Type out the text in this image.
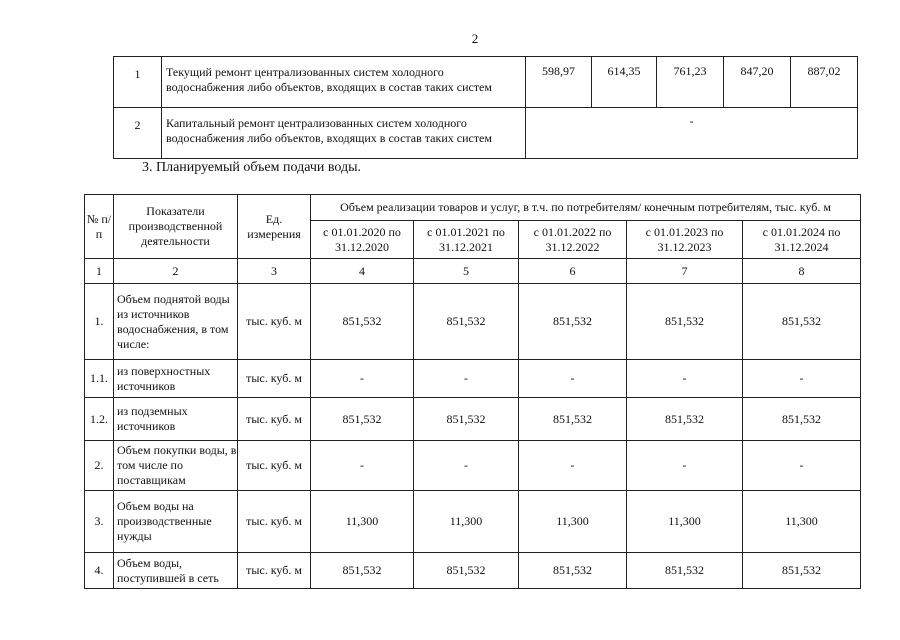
2
1	Текущий ремонт централизованных систем холодного водоснабжения либо объектов, входящих в состав таких систем	598,97	614,35	761,23	847,20	887,02
2	Капитальный ремонт централизованных систем холодного водоснабжения либо объектов, входящих в состав таких систем	-				
3. Планируемый объем подачи воды.
№ п/п	Показатели производственной деятельности	Ед. измерения	Объем реализации товаров и услуг, в т.ч. по потребителям/ конечным потребителям, тыс. куб. м				
			с 01.01.2020 по 31.12.2020	с 01.01.2021 по 31.12.2021	с 01.01.2022 по 31.12.2022	с 01.01.2023 по 31.12.2023	с 01.01.2024 по 31.12.2024
1	2	3	4	5	6	7	8
1.	Объем поднятой воды из источников водоснабжения, в том числе:	тыс. куб. м	851,532	851,532	851,532	851,532	851,532
1.1.	из поверхностных источников	тыс. куб. м	-	-	-	-	-
1.2.	из подземных источников	тыс. куб. м	851,532	851,532	851,532	851,532	851,532
2.	Объем покупки воды, в том числе по поставщикам	тыс. куб. м	-	-	-	-	-
3.	Объем воды на производственные нужды	тыс. куб. м	11,300	11,300	11,300	11,300	11,300
4.	Объем воды, поступившей в сеть	тыс. куб. м	851,532	851,532	851,532	851,532	851,532
